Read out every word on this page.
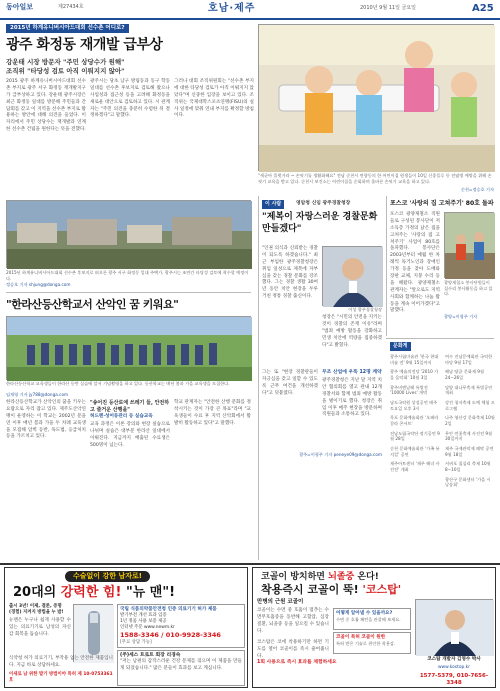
동아일보	제27434호	호남·제주	2010년 9월 11일 금요일	A25
2015년 하계유니버시아드대회 선수촌 어디로?
광주 화정동 재개발 급부상
강운태 시장 방문자 "주민 상당수가 원해"
조직위 "타당성 검토 아직 이뤄지지 않아"
2015 광주 하계유니버시아드대회 선수촌 부지로 광주 서구 화정동 재개발지구가 급부상하고 있다. 강운태 광주시장은 최근 화정동 일대를 방문해 주민들과 간담회를 갖고 이 지역을 선수촌 부지로 활용하는 방안에 대해 의견을 들었다. 이 자리에서 주민 상당수는 재개발과 연계한 선수촌 건립을 원한다는 뜻을 전했다.
광주시는 당초 남구 방림동과 동구 학동 일대를 선수촌 후보지로 검토해 왔으나 사업성과 접근성 등을 고려해 화정동을 새로운 대안으로 검토하고 있다. 시 관계자는 "주민 의견을 충분히 수렴한 뒤 결정하겠다"고 말했다.
그러나 대회 조직위원회는 "선수촌 부지에 대한 타당성 검토가 아직 이뤄지지 않았다"며 신중한 입장을 보이고 있다. 조직위는 국제대학스포츠연맹(FISU)의 실사 일정에 맞춰 연내 부지를 확정할 방침이다.
2015년 하계유니버시아드대회 선수촌 후보지로 떠오른 광주 서구 화정동 일대 주택가. 광주시는 조만간 타당성 검토에 착수할 예정이다.
정승호 기자 shjung@donga.com
"세균아 물럿거라 ~ 손씻기를 생활화해요" 전남 순천시 연향동의 한 어린이집 원생들이 10일 신종플루 등 전염병 예방을 위해 손씻기 교육을 받고 있다. 순천시 보건소는 어린이집을 순회하며 올바른 손씻기 교육을 하고 있다.
순천=정승호 기자
"한라산등산학교서 산악인 꿈 키워요"
한라산등산학교 교육생들이 한라산 등반 실습에 앞서 기념촬영을 하고 있다. 등산학교는 매년 봄과 가을 교육생을 모집한다.
임재영 기자 jy788@donga.com
한라산등산학교가 산악인의 꿈을 키우는 요람으로 자리 잡고 있다. 제주도산악연맹이 운영하는 이 학교는 2002년 문을 연 이후 매년 봄과 가을 두 차례 교육생을 모집해 암벽 등반, 독도법, 응급처치 등을 가르치고 있다.
"송어진 등산로에 쓰레기 들, 안전하고 즐거운 산행을"
허드렌·성어류관리 등 실습교육
교육 과정은 이론 강의와 현장 실습으로 나뉘며 실습은 대부분 한라산 일대에서 이뤄진다. 지금까지 배출된 수료생은 500명이 넘는다.
학교 관계자는 "안전한 산행 문화를 정착시키는 것이 가장 큰 목표"라며 "교육생들이 수료 후 지역 산악회에서 활발히 활동하고 있다"고 말했다.
이 사람	영암청 신임 광주경찰청장
"제복이 자랑스러운 경찰문화 만들겠다"
"인권 의식과 신뢰받는 경찰이 되도록 하겠습니다." 최근 부임한 광주경찰청장은 취임 일성으로 제복에 자부심을 갖는 경찰 문화를 강조했다. 그는 경찰 생활 30여 년 동안 치안 현장을 두루 거친 정통 경찰 출신이다.
이성 광주경찰청장
청장은 "시민의 안전을 지키는 것이 경찰의 존재 이유"라며 "범죄 예방 활동을 강화하고 민생 치안에 역량을 집중하겠다"고 밝혔다.
그는 또 "현장 경찰관들이 자긍심을 갖고 일할 수 있도록 근무 여건을 개선하겠다"고 덧붙였다.
무조 산업에 우뚝 12명 계약
광주경찰청은 지난 달 지역 치안 협의회를 열고 관내 12개 경찰서와 함께 범죄 예방 활동을 벌이기로 했다. 청장은 취임 이후 매주 현장을 방문하며 직원들과 소통하고 있다.
광주=이형주 기자 peneye09@donga.com
포스코 '사랑의 집 고쳐주기' 80호 돌파
포스코 광양제철소 직원들로 구성된 봉사단이 저소득층 가정의 낡은 집을 고쳐주는 '사랑의 집 고쳐주기' 사업이 80호를 돌파했다. 봉사단은 2003년부터 매월 한 차례씩 독거노인과 장애인 가정 등을 찾아 도배와 장판 교체, 지붕 수리 등을 해왔다. 광양제철소 관계자는 "앞으로도 지역사회와 함께하는 나눔 활동을 계속 이어가겠다"고 말했다.
광양제철소 봉사단원들이 집수리 봉사활동을 하고 있다.
광양=이형주 기자
문화게
광주시립미술관 '한국 현대미술 전' 9월 15일까지
광주 예술의전당 '2010 가을 음악회' 10월 3일
광주비엔날레 특별전 '10000 Lives' 개막
남도국악원 상설공연 매주 토요일 오후 3시
목포 문화예술회관 '오페라 갈라 콘서트'
전남도립국악단 정기공연 9월 28일
순천 문화예술회관 '가족 뮤지컬' 공연
제주아트센터 '제주 해녀 사진전' 개최
여수 진남문예회관 국악한마당 9월 17일
해남 땅끝 문화제 9월 24∼26일
담양 대나무축제 특별공연 개최
강진 청자축제 도예 체험 프로그램
나주 영산강 문화축제 10월 2일
무안 연꽃축제 사진전 9월 30일까지
제주 국제관악제 폐막 공연 9월 18일
서귀포 칠십리 축제 10월 8∼10일
광산구 문화센터 '가을 시 낭송회'
수술없이 강한 남자로!
20대의 강력한 힘! "뉴 맨"!
출시 3년! 이제, 결론, 증명 (경험) 지켜지 방법을 누 밨!
뉴맨은 누구나 쉽게 사용할 수 있는 의료기기로 남성의 자신감 회복을 돕습니다.
식약청 허가 의료기기, 부작용 없는 안전한 제품입니다. 지금 바로 상담하세요.
이새로 남 위한 발기 방법이야 특허 제 10-0753361호
국립 식품의약품안전청 인증 의료기기 허가 제품
발기부전 개선 효과 입증
1년 정품 사용 보증 제공
인터넷 주문 www.newm.kr
1588-3346 / 010-9928-3346
[무료 상담 가능]
(주)세스 트로트 회장 리경숙
"저는 남편의 갑작스러운 건강 문제를 겪으며 이 제품을 만들게 되었습니다." 많은 분들이 효과를 보고 계십니다.
코골이 방치하면 뇌졸중 온다!
착용즉시 코골이 뚝! '코스탑'
만병의 근원 코골이
코골이는 수면 중 호흡이 멈추는 수면무호흡증을 동반해 고혈압, 심장질환, 뇌졸중 등을 일으킬 수 있습니다.
코스탑은 코에 착용하기만 하면 기도를 열어 코골이를 즉시 줄여줍니다.
어떻게 알아낼 수 있을까요?
수면 중 호흡 패턴을 관찰해 보세요.
코골이 특허 코골이 원한
특허 받은 기술로 편안한 착용감.
1회 사용으로 즉시 효과를 체험하세요
코스탑 개발자 김영수 박사
www.kostop.kr
1577-5379, 010-7656-3348
